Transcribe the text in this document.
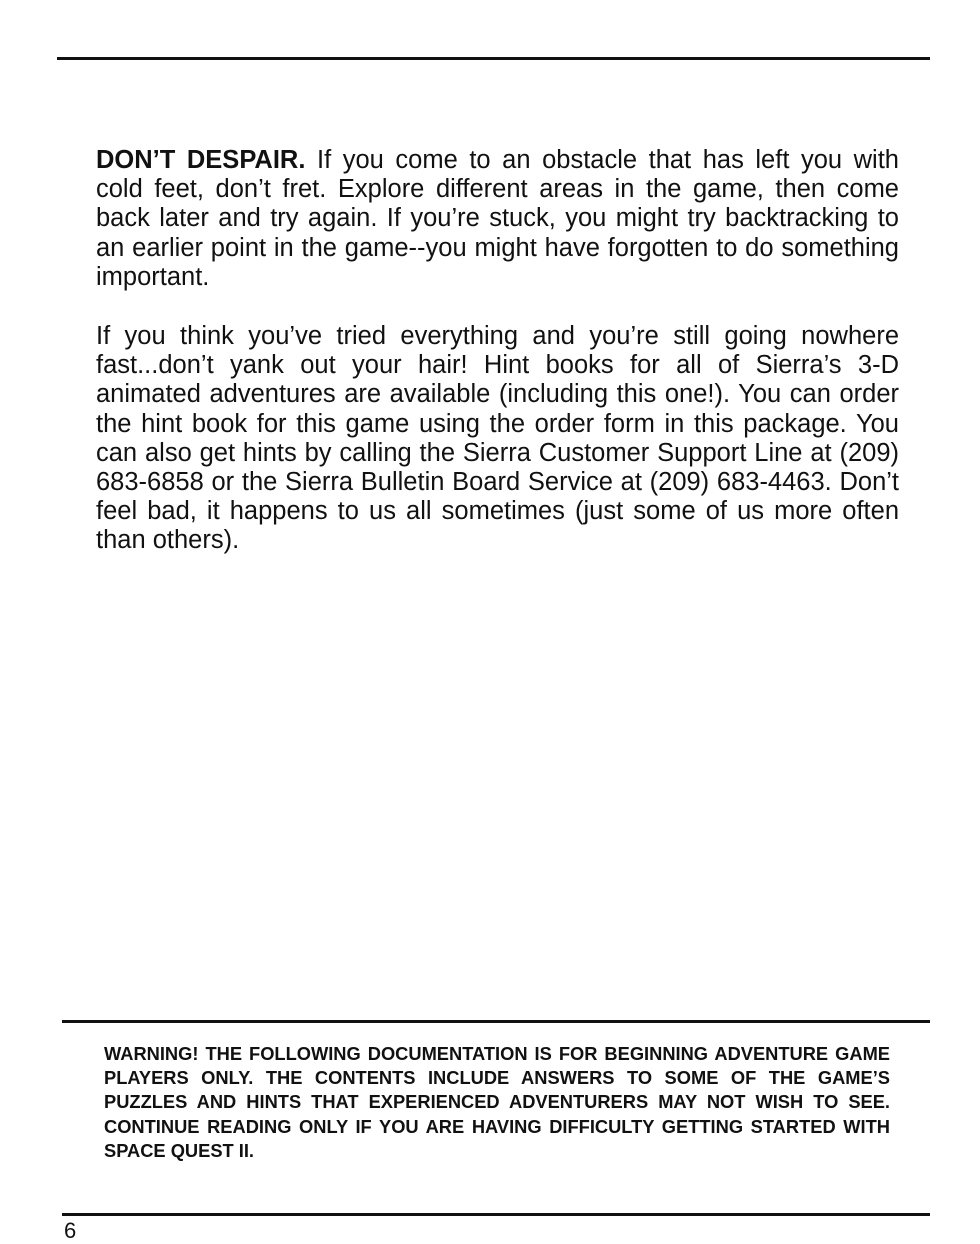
DON’T DESPAIR. If you come to an obstacle that has left you with cold feet, don’t fret. Explore different areas in the game, then come back later and try again. If you’re stuck, you might try backtracking to an earlier point in the game--you might have forgotten to do something important.

If you think you’ve tried everything and you’re still going nowhere fast...don’t yank out your hair! Hint books for all of Sierra’s 3-D animated adventures are available (including this one!). You can order the hint book for this game using the order form in this package. You can also get hints by calling the Sierra Customer Support Line at (209) 683-6858 or the Sierra Bulletin Board Service at (209) 683-4463. Don’t feel bad, it happens to us all sometimes (just some of us more often than others).

WARNING! THE FOLLOWING DOCUMENTATION IS FOR BEGINNING ADVENTURE GAME PLAYERS ONLY. THE CONTENTS INCLUDE ANSWERS TO SOME OF THE GAME’S PUZZLES AND HINTS THAT EXPERIENCED ADVENTURERS MAY NOT WISH TO SEE. CONTINUE READING ONLY IF YOU ARE HAVING DIFFICULTY GETTING STARTED WITH SPACE QUEST II.

6
